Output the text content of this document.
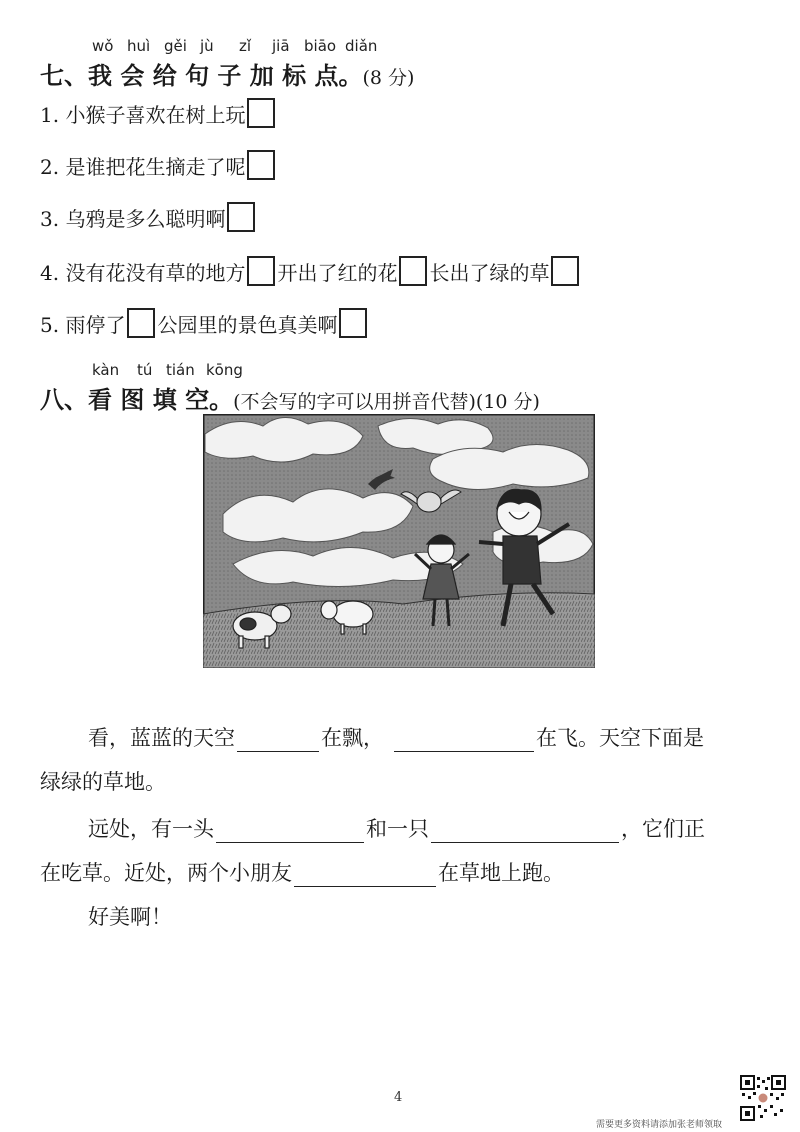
wǒ huì gěi jù zǐ jiā biāo diǎn
七、我 会 给 句 子 加 标 点。(8 分)
1. 小猴子喜欢在树上玩
2. 是谁把花生摘走了呢
3. 乌鸦是多么聪明啊
4. 没有花没有草的地方 开出了红的花 长出了绿的草
5. 雨停了 公园里的景色真美啊
kàn tú tián kōng
八、看 图 填 空。(不会写的字可以用拼音代替)(10 分)
看，蓝蓝的天空	在飘，	在飞。天空下面是
绿绿的草地。
远处，有一头	和一只	，它们正
在吃草。近处，两个小朋友	在草地上跑。
好美啊！
4
需要更多资料请添加张老师领取
